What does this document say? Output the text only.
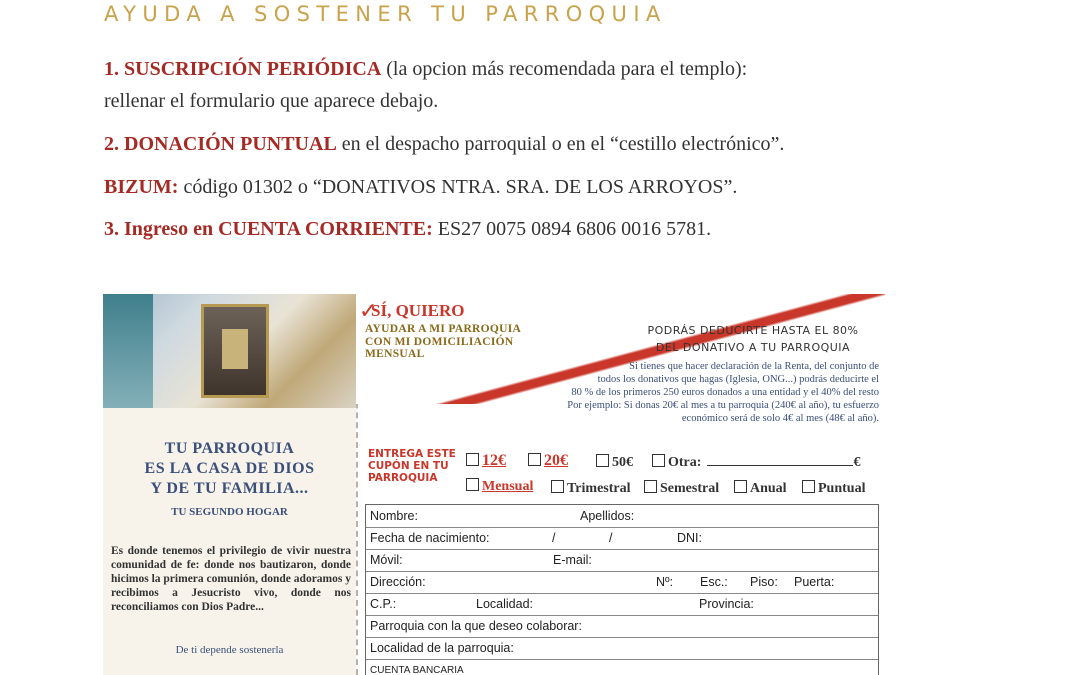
AYUDA A SOSTENER TU PARROQUIA
1. SUSCRIPCIÓN PERIÓDICA (la opcion más recomendada para el templo):
rellenar el formulario que aparece debajo.
2. DONACIÓN PUNTUAL en el despacho parroquial o en el “cestillo electrónico”.
BIZUM: código 01302 o “DONATIVOS NTRA. SRA. DE LOS ARROYOS”.
3. Ingreso en CUENTA CORRIENTE: ES27 0075 0894 6806 0016 5781.
TU PARROQUIA
ES LA CASA DE DIOS
Y DE TU FAMILIA...
TU SEGUNDO HOGAR
Es donde tenemos el privilegio de vivir nuestra comunidad de fe: donde nos bautizaron, donde hicimos la primera comunión, donde adoramos y recibimos a Jesucristo vivo, donde nos reconciliamos con Dios Padre...
De ti depende sostenerla
✓
SÍ, QUIERO
AYUDAR A MI PARROQUIA
CON MI DOMICILIACIÓN
MENSUAL
PODRÁS DEDUCIRTE HASTA EL 80%
DEL DONATIVO A TU PARROQUIA
Si tienes que hacer declaración de la Renta, del conjunto de
todos los donativos que hagas (Iglesia, ONG...) podrás deducirte el
80 % de los primeros 250 euros donados a una entidad y el 40% del resto
Por ejemplo: Si donas 20€ al mes a tu parroquia (240€ al año), tu esfuerzo
económico será de solo 4€ al mes (48€ al año).
ENTREGA ESTE
CUPÓN EN TU
PARROQUIA
12€	20€	50€	Otra:	€
Mensual	Trimestral	Semestral	Anual	Puntual
Nombre:	Apellidos:
Fecha de nacimiento:	/	/	DNI:
Móvil:	E-mail:
Dirección:	Nº: Esc.: Piso: Puerta:
C.P.:	Localidad:	Provincia:
Parroquia con la que deseo colaborar:
Localidad de la parroquia:
CUENTA BANCARIA
